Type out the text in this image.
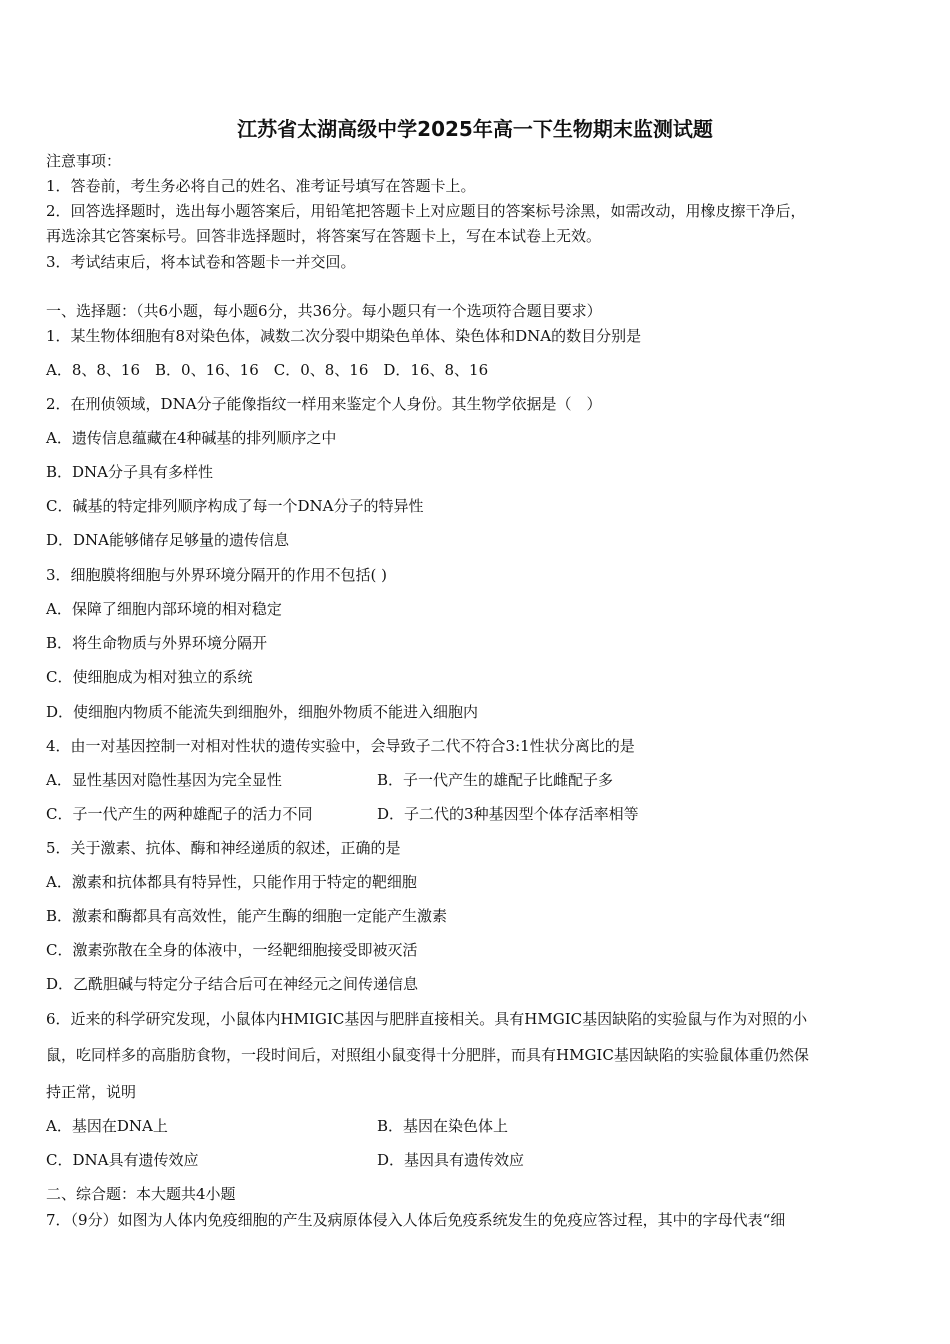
江苏省太湖高级中学2025年高一下生物期末监测试题
注意事项：
1．答卷前，考生务必将自己的姓名、准考证号填写在答题卡上。
2．回答选择题时，选出每小题答案后，用铅笔把答题卡上对应题目的答案标号涂黑，如需改动，用橡皮擦干净后，
再选涂其它答案标号。回答非选择题时，将答案写在答题卡上，写在本试卷上无效。
3．考试结束后，将本试卷和答题卡一并交回。
一、选择题：（共6小题，每小题6分，共36分。每小题只有一个选项符合题目要求）
1．某生物体细胞有8对染色体，减数二次分裂中期染色单体、染色体和DNA的数目分别是
A．8、8、16　B．0、16、16　C．0、8、16　D．16、8、16
2．在刑侦领域，DNA分子能像指纹一样用来鉴定个人身份。其生物学依据是（　）
A．遗传信息蕴藏在4种碱基的排列顺序之中
B．DNA分子具有多样性
C．碱基的特定排列顺序构成了每一个DNA分子的特异性
D．DNA能够储存足够量的遗传信息
3．细胞膜将细胞与外界环境分隔开的作用不包括( )
A．保障了细胞内部环境的相对稳定
B．将生命物质与外界环境分隔开
C．使细胞成为相对独立的系统
D．使细胞内物质不能流失到细胞外，细胞外物质不能进入细胞内
4．由一对基因控制一对相对性状的遗传实验中，会导致子二代不符合3:1性状分离比的是
A．显性基因对隐性基因为完全显性	B．子一代产生的雄配子比雌配子多
C．子一代产生的两种雄配子的活力不同	D．子二代的3种基因型个体存活率相等
5．关于激素、抗体、酶和神经递质的叙述，正确的是
A．激素和抗体都具有特异性，只能作用于特定的靶细胞
B．激素和酶都具有高效性，能产生酶的细胞一定能产生激素
C．激素弥散在全身的体液中，一经靶细胞接受即被灭活
D．乙酰胆碱与特定分子结合后可在神经元之间传递信息
6．近来的科学研究发现，小鼠体内HMIGIC基因与肥胖直接相关。具有HMGIC基因缺陷的实验鼠与作为对照的小
鼠，吃同样多的高脂肪食物，一段时间后，对照组小鼠变得十分肥胖，而具有HMGIC基因缺陷的实验鼠体重仍然保
持正常，说明
A．基因在DNA上	B．基因在染色体上
C．DNA具有遗传效应	D．基因具有遗传效应
二、综合题：本大题共4小题
7．（9分）如图为人体内免疫细胞的产生及病原体侵入人体后免疫系统发生的免疫应答过程，其中的字母代表“细
